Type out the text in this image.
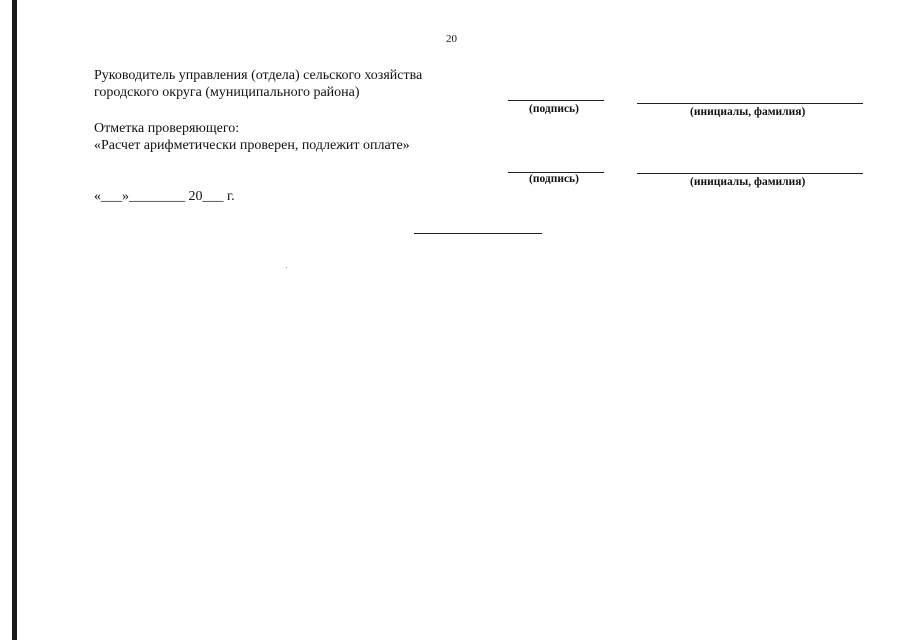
20
Руководитель управления (отдела) сельского хозяйства
городского округа (муниципального района)
(подпись)	(инициалы, фамилия)
Отметка проверяющего:
«Расчет арифметически проверен, подлежит оплате»
(подпись)	(инициалы, фамилия)
«___»________ 20___ г.
